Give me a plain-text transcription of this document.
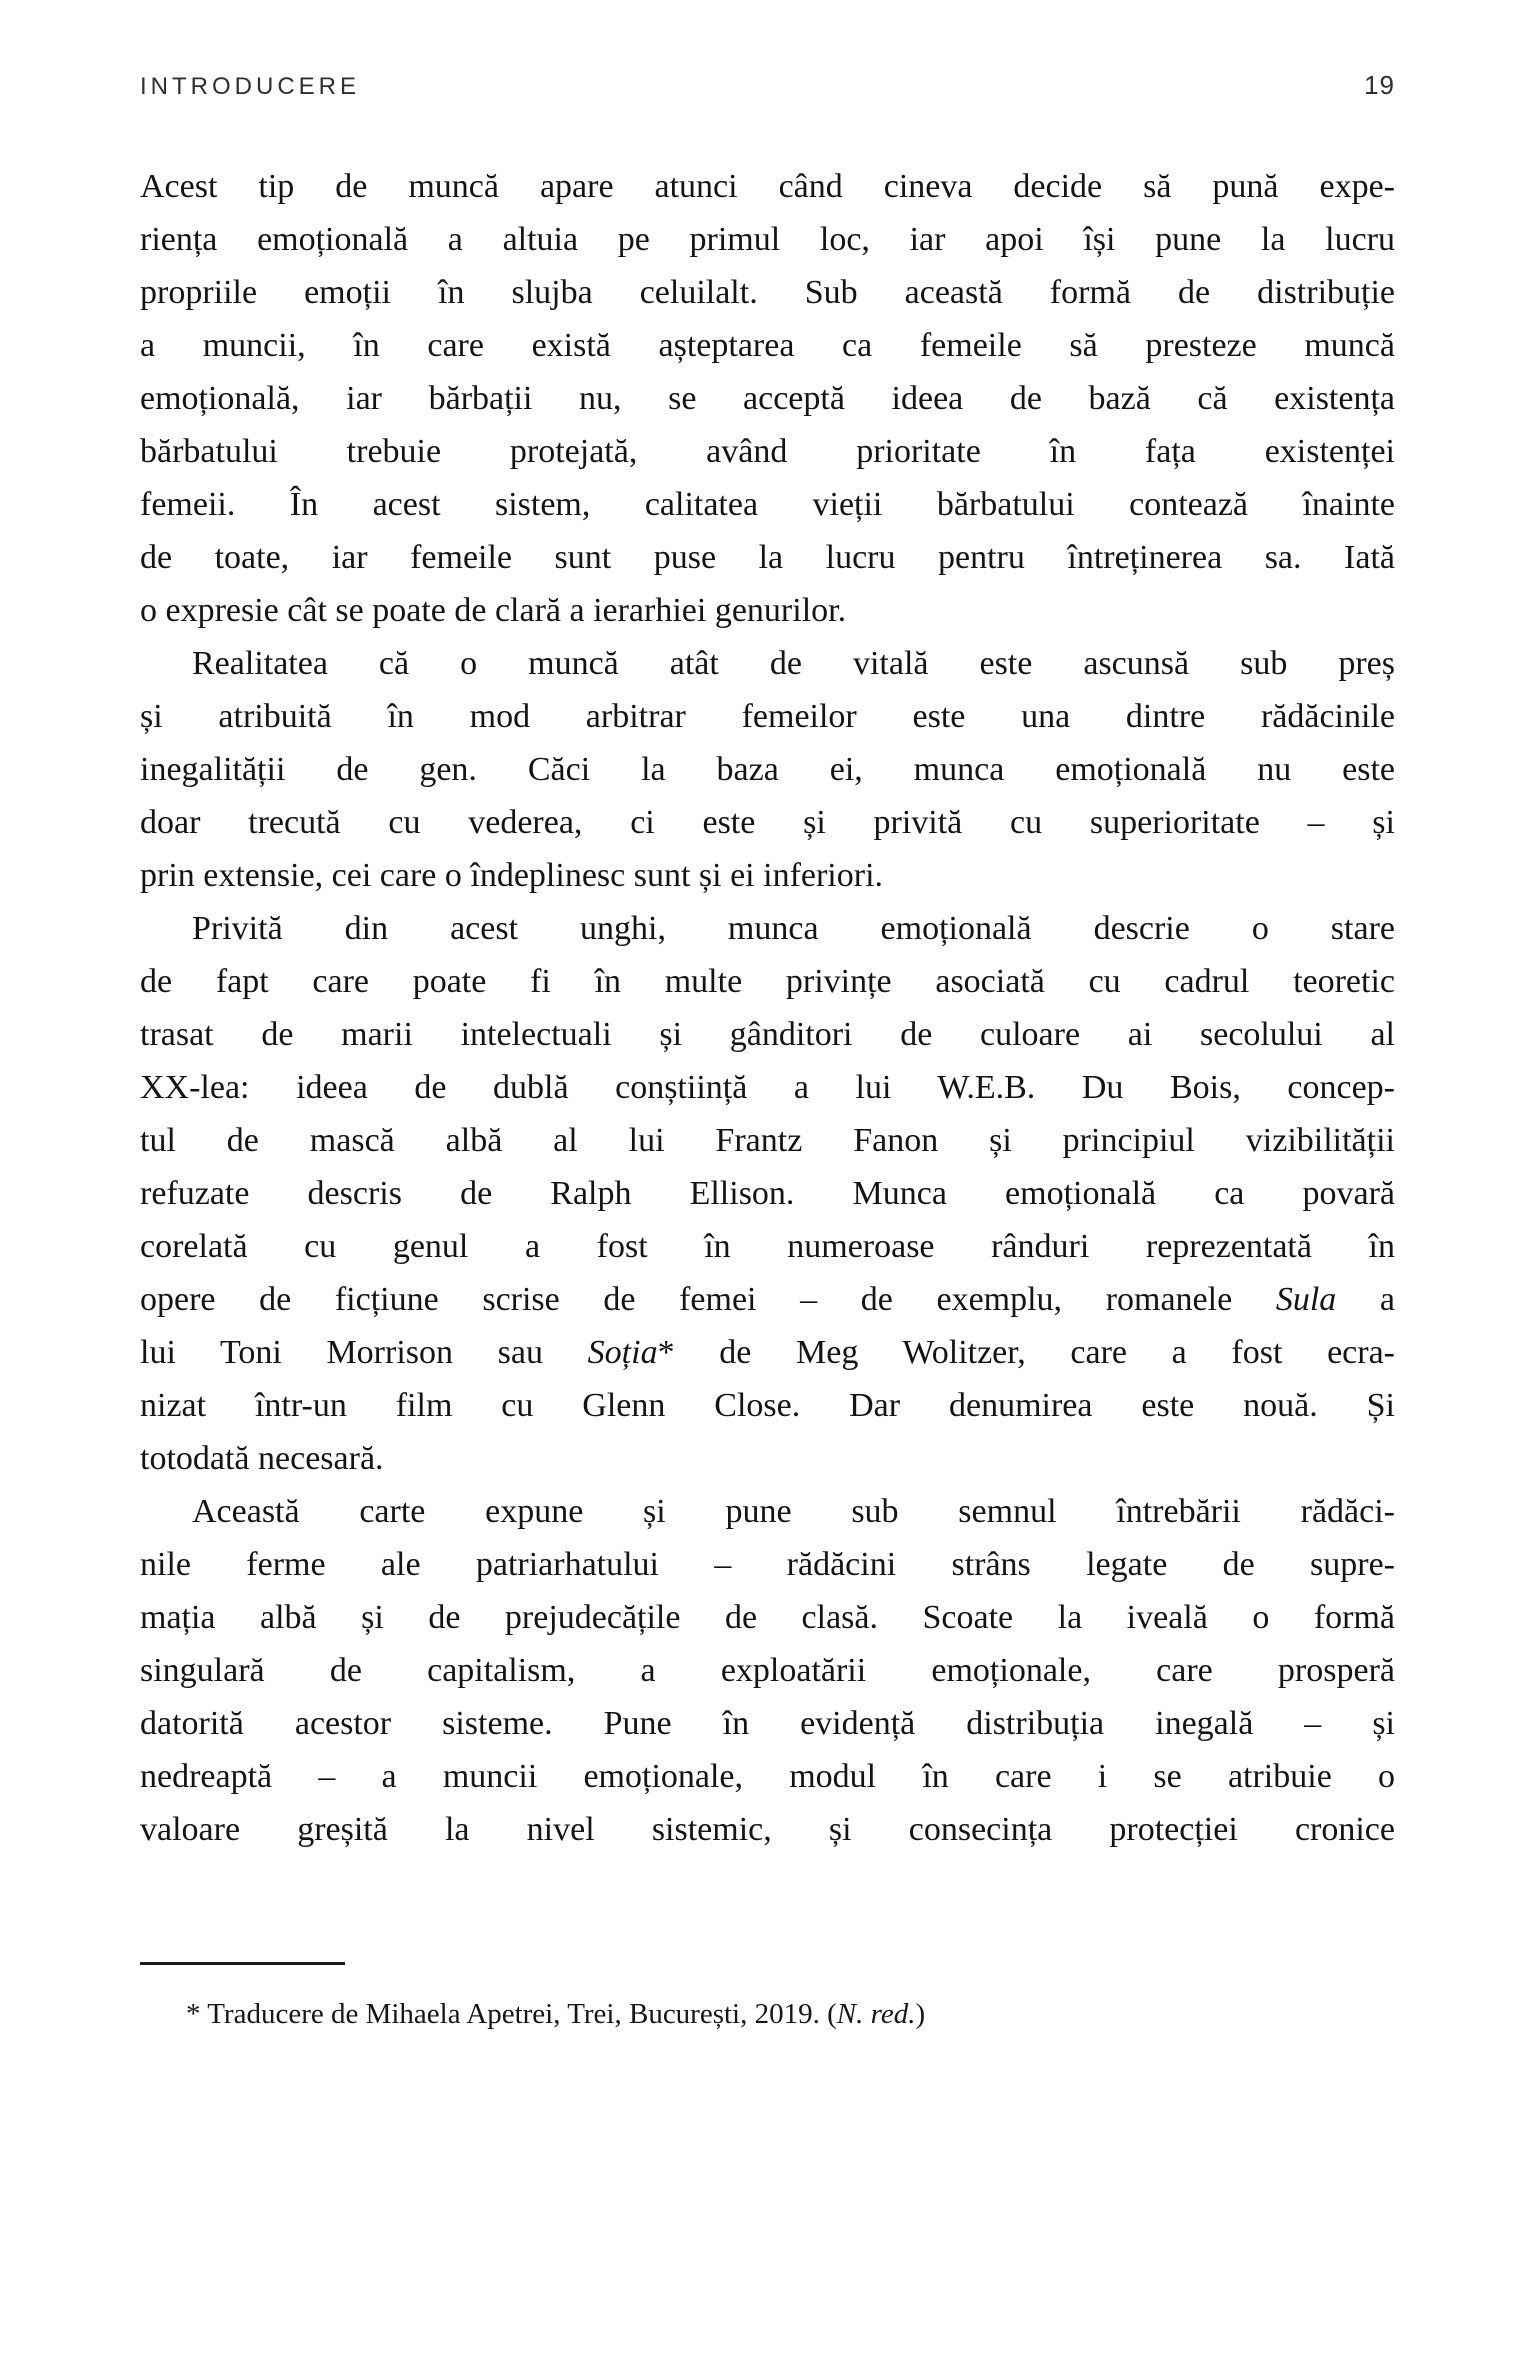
INTRODUCERE	19
Acest tip de muncă apare atunci când cineva decide să pună expe-
riența emoțională a altuia pe primul loc, iar apoi își pune la lucru
propriile emoții în slujba celuilalt. Sub această formă de distribuție
a muncii, în care există așteptarea ca femeile să presteze muncă
emoțională, iar bărbații nu, se acceptă ideea de bază că existența
bărbatului trebuie protejată, având prioritate în fața existenței
femeii. În acest sistem, calitatea vieții bărbatului contează înainte
de toate, iar femeile sunt puse la lucru pentru întreținerea sa. Iată
o expresie cât se poate de clară a ierarhiei genurilor.
Realitatea că o muncă atât de vitală este ascunsă sub preș
și atribuită în mod arbitrar femeilor este una dintre rădăcinile
inegalității de gen. Căci la baza ei, munca emoțională nu este
doar trecută cu vederea, ci este și privită cu superioritate – și
prin extensie, cei care o îndeplinesc sunt și ei inferiori.
Privită din acest unghi, munca emoțională descrie o stare
de fapt care poate fi în multe privințe asociată cu cadrul teoretic
trasat de marii intelectuali și gânditori de culoare ai secolului al
XX-lea: ideea de dublă conștiință a lui W.E.B. Du Bois, concep-
tul de mască albă al lui Frantz Fanon și principiul vizibilității
refuzate descris de Ralph Ellison. Munca emoțională ca povară
corelată cu genul a fost în numeroase rânduri reprezentată în
opere de ficțiune scrise de femei – de exemplu, romanele Sula a
lui Toni Morrison sau Soția* de Meg Wolitzer, care a fost ecra-
nizat într-un film cu Glenn Close. Dar denumirea este nouă. Și
totodată necesară.
Această carte expune și pune sub semnul întrebării rădăci-
nile ferme ale patriarhatului – rădăcini strâns legate de supre-
mația albă și de prejudecățile de clasă. Scoate la iveală o formă
singulară de capitalism, a exploatării emoționale, care prosperă
datorită acestor sisteme. Pune în evidență distribuția inegală – și
nedreaptă – a muncii emoționale, modul în care i se atribuie o
valoare greșită la nivel sistemic, și consecința protecției cronice

* Traducere de Mihaela Apetrei, Trei, București, 2019. (N. red.)
